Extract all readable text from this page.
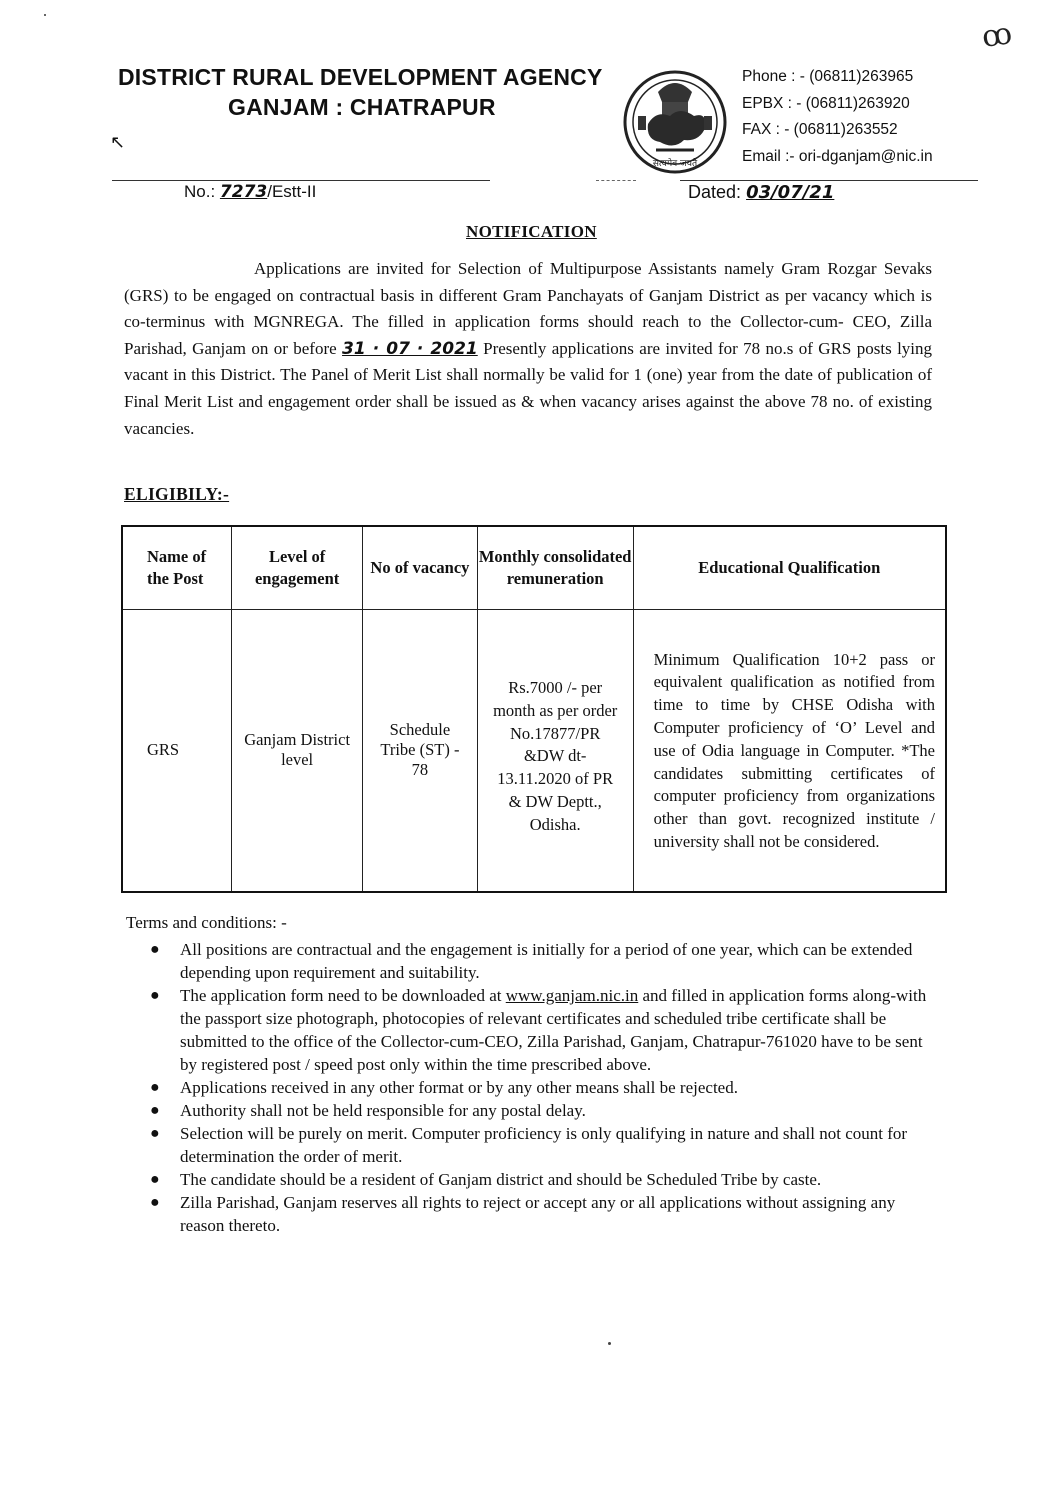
ꝏ
DISTRICT RURAL DEVELOPMENT AGENCY
GANJAM : CHATRAPUR
↖
सत्यमेव जयते
Phone : - (06811)263965
EPBX : - (06811)263920
FAX : - (06811)263552
Email :- ori-dganjam@nic.in
No.: 7273/Estt-II	Dated: 03/07/21
NOTIFICATION
Applications are invited for Selection of Multipurpose Assistants namely Gram Rozgar Sevaks (GRS) to be engaged on contractual basis in different Gram Panchayats of Ganjam District as per vacancy which is co-terminus with MGNREGA. The filled in application forms should reach to the Collector-cum- CEO, Zilla Parishad, Ganjam on or before 31 · 07 · 2021 Presently applications are invited for 78 no.s of GRS posts lying vacant in this District. The Panel of Merit List shall normally be valid for 1 (one) year from the date of publication of Final Merit List and engagement order shall be issued as & when vacancy arises against the above 78 no. of existing vacancies.
ELIGIBILY:-
Name of the Post	Level of engagement	No of vacancy	Monthly consolidated remuneration	Educational Qualification
GRS	Ganjam District level	Schedule Tribe (ST) - 78	Rs.7000 /- per month as per order No.17877/PR &DW dt-13.11.2020 of PR & DW Deptt., Odisha.	Minimum Qualification 10+2 pass or equivalent qualification as notified from time to time by CHSE Odisha with Computer proficiency of ‘O’ Level and use of Odia language in Computer. *The candidates submitting certificates of computer proficiency from organizations other than govt. recognized institute / university shall not be considered.
Terms and conditions: -
● All positions are contractual and the engagement is initially for a period of one year, which can be extended depending upon requirement and suitability.
● The application form need to be downloaded at www.ganjam.nic.in and filled in application forms along-with the passport size photograph, photocopies of relevant certificates and scheduled tribe certificate shall be submitted to the office of the Collector-cum-CEO, Zilla Parishad, Ganjam, Chatrapur-761020 have to be sent by registered post / speed post only within the time prescribed above.
● Applications received in any other format or by any other means shall be rejected.
● Authority shall not be held responsible for any postal delay.
● Selection will be purely on merit. Computer proficiency is only qualifying in nature and shall not count for determination the order of merit.
● The candidate should be a resident of Ganjam district and should be Scheduled Tribe by caste.
● Zilla Parishad, Ganjam reserves all rights to reject or accept any or all applications without assigning any reason thereto.
